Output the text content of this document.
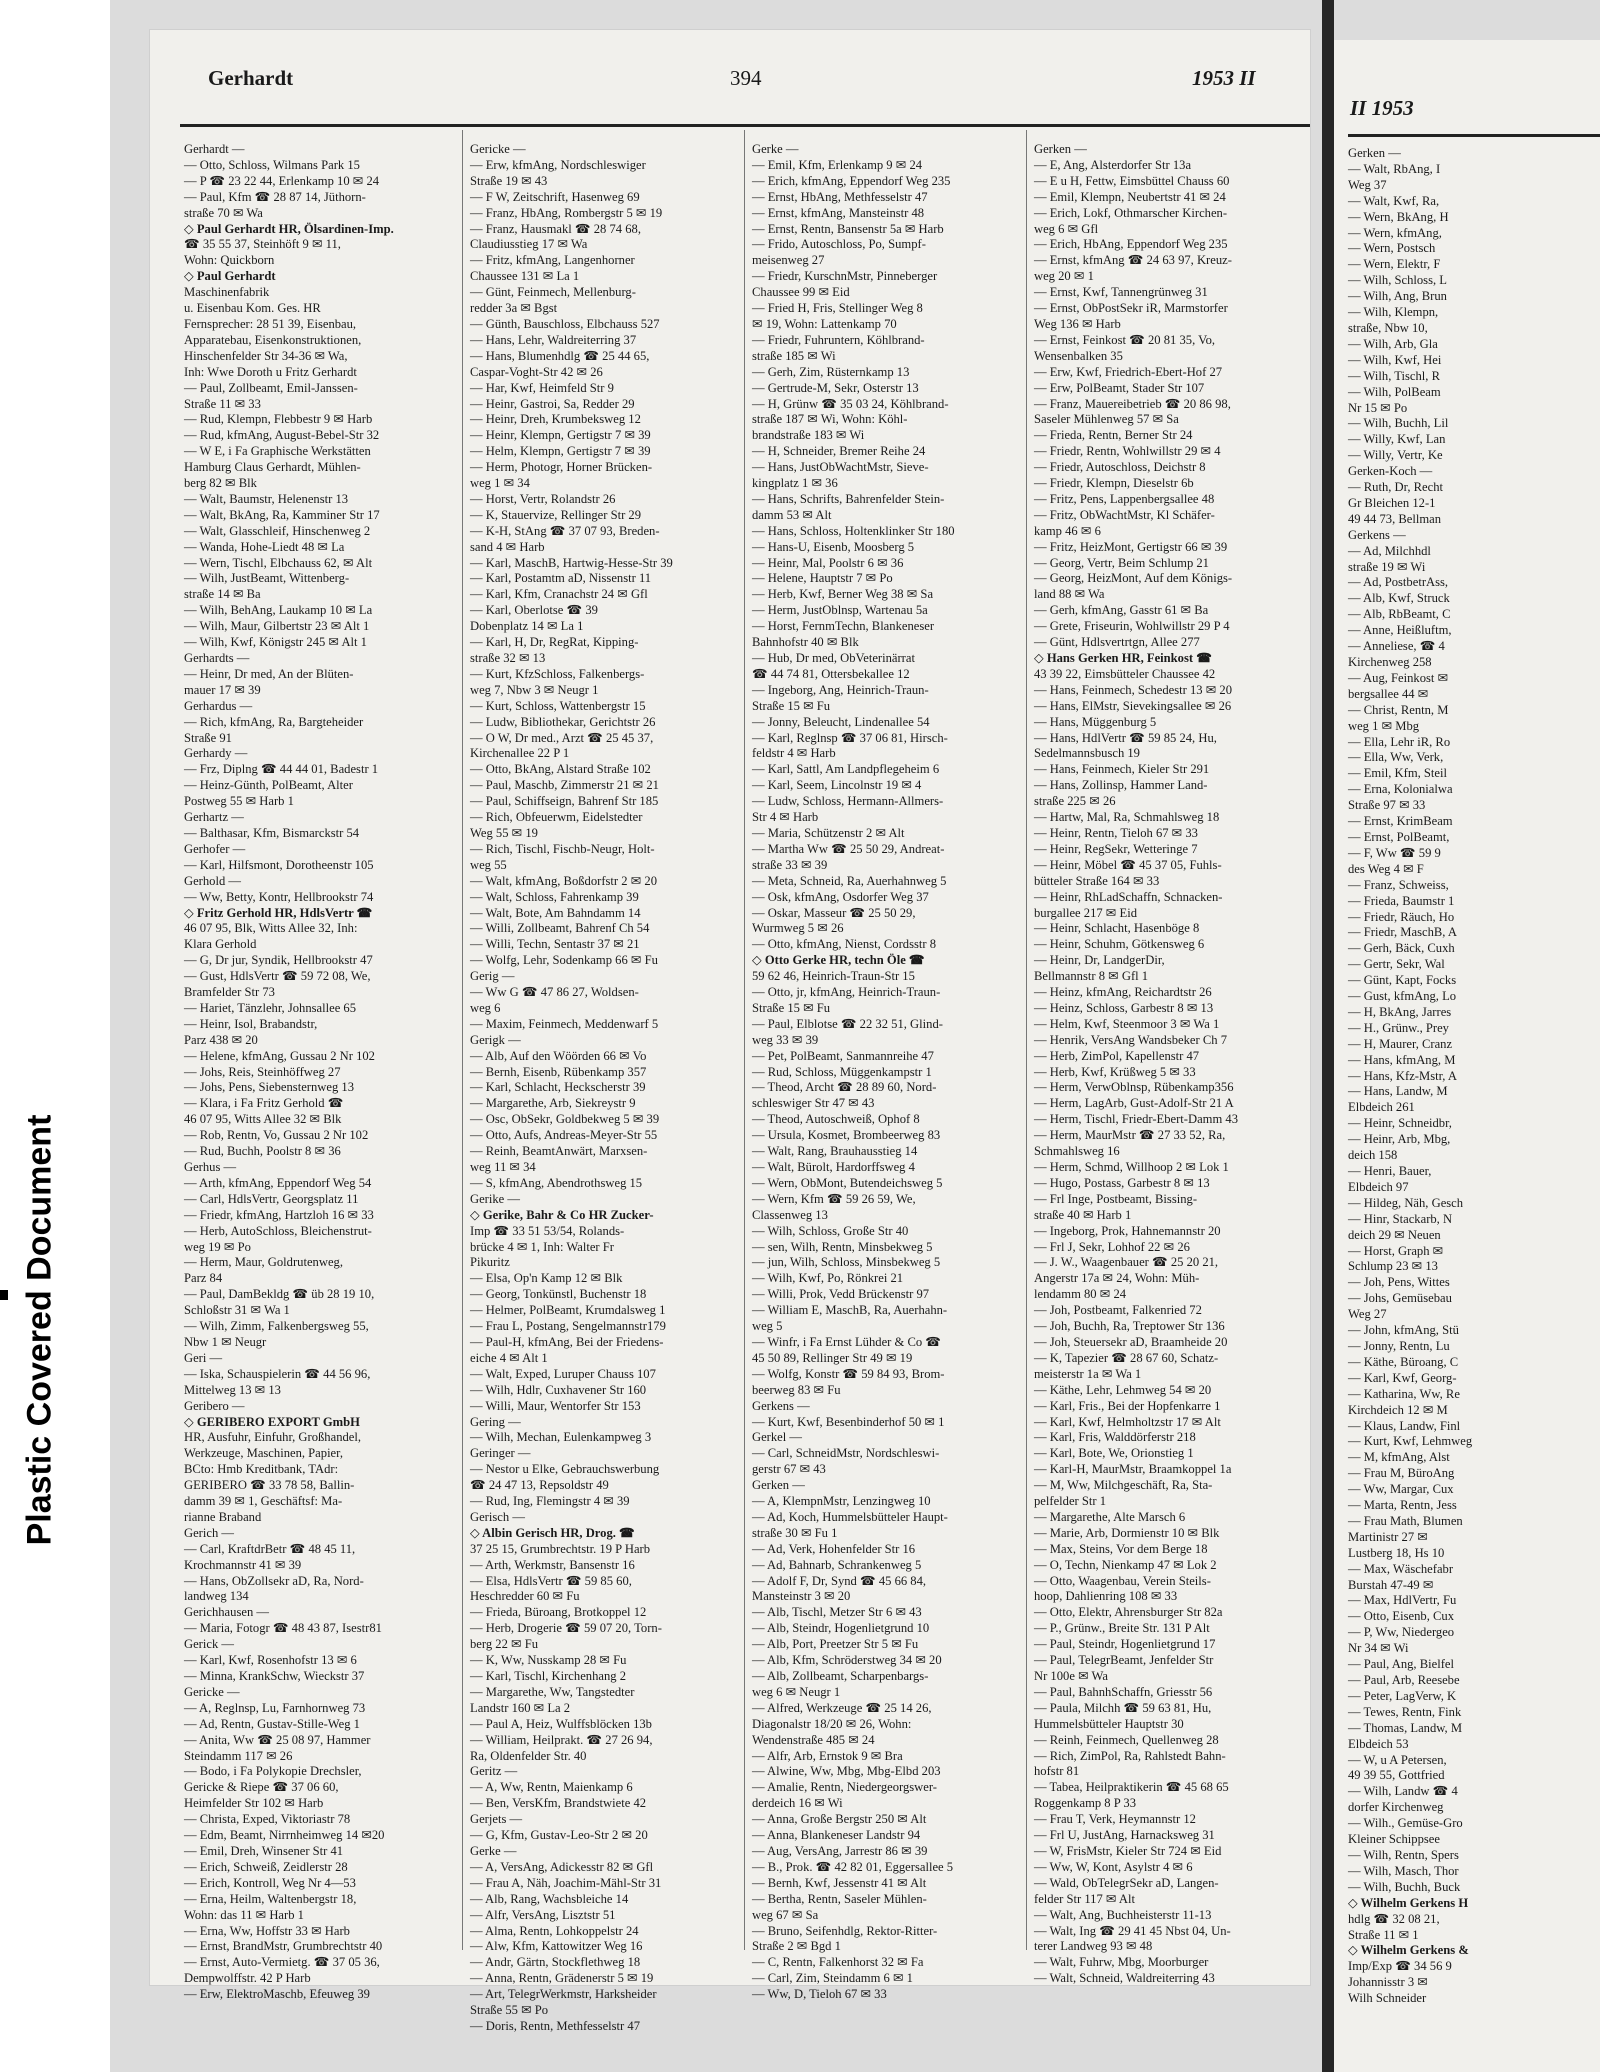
Plastic Covered Document
Gerhardt	394	1953 II
Gerhardt —
— Otto, Schloss, Wilmans Park 15
— P ☎ 23 22 44, Erlenkamp 10 ✉ 24
— Paul, Kfm ☎ 28 87 14, Jüthorn-
straße 70 ✉ Wa
◇ Paul Gerhardt HR, Ölsardinen-Imp.
☎ 35 55 37, Steinhöft 9 ✉ 11,
Wohn: Quickborn
◇ Paul Gerhardt
Maschinenfabrik
u. Eisenbau Kom. Ges. HR
Fernsprecher: 28 51 39, Eisenbau,
Apparatebau, Eisenkonstruktionen,
Hinschenfelder Str 34-36 ✉ Wa,
Inh: Wwe Doroth u Fritz Gerhardt
— Paul, Zollbeamt, Emil-Janssen-
Straße 11 ✉ 33
— Rud, Klempn, Flebbestr 9 ✉ Harb
— Rud, kfmAng, August-Bebel-Str 32
— W E, i Fa Graphische Werkstätten
Hamburg Claus Gerhardt, Mühlen-
berg 82 ✉ Blk
— Walt, Baumstr, Helenenstr 13
— Walt, BkAng, Ra, Kamminer Str 17
— Walt, Glasschleif, Hinschenweg 2
— Wanda, Hohe-Liedt 48 ✉ La
— Wern, Tischl, Elbchauss 62, ✉ Alt
— Wilh, JustBeamt, Wittenberg-
straße 14 ✉ Ba
— Wilh, BehAng, Laukamp 10 ✉ La
— Wilh, Maur, Gilbertstr 23 ✉ Alt 1
— Wilh, Kwf, Königstr 245 ✉ Alt 1
Gerhardts —
— Heinr, Dr med, An der Blüten-
mauer 17 ✉ 39
Gerhardus —
— Rich, kfmAng, Ra, Bargteheider
Straße 91
Gerhardy —
— Frz, Diplng ☎ 44 44 01, Badestr 1
— Heinz-Günth, PolBeamt, Alter
Postweg 55 ✉ Harb 1
Gerhartz —
— Balthasar, Kfm, Bismarckstr 54
Gerhofer —
— Karl, Hilfsmont, Dorotheenstr 105
Gerhold —
— Ww, Betty, Kontr, Hellbrookstr 74
◇ Fritz Gerhold HR, HdlsVertr ☎
46 07 95, Blk, Witts Allee 32, Inh:
Klara Gerhold
— G, Dr jur, Syndik, Hellbrookstr 47
— Gust, HdlsVertr ☎ 59 72 08, We,
Bramfelder Str 73
— Hariet, Tänzlehr, Johnsallee 65
— Heinr, Isol, Brabandstr,
Parz 438 ✉ 20
— Helene, kfmAng, Gussau 2 Nr 102
— Johs, Reis, Steinhöffweg 27
— Johs, Pens, Siebensternweg 13
— Klara, i Fa Fritz Gerhold ☎
46 07 95, Witts Allee 32 ✉ Blk
— Rob, Rentn, Vo, Gussau 2 Nr 102
— Rud, Buchh, Poolstr 8 ✉ 36
Gerhus —
— Arth, kfmAng, Eppendorf Weg 54
— Carl, HdlsVertr, Georgsplatz 11
— Friedr, kfmAng, Hartzloh 16 ✉ 33
— Herb, AutoSchloss, Bleichenstrut-
weg 19 ✉ Po
— Herm, Maur, Goldrutenweg,
Parz 84
— Paul, DamBekldg ☎ üb 28 19 10,
Schloßstr 31 ✉ Wa 1
— Wilh, Zimm, Falkenbergsweg 55,
Nbw 1 ✉ Neugr
Geri —
— Iska, Schauspielerin ☎ 44 56 96,
Mittelweg 13 ✉ 13
Geribero —
◇ GERIBERO EXPORT GmbH
HR, Ausfuhr, Einfuhr, Großhandel,
Werkzeuge, Maschinen, Papier,
BCto: Hmb Kreditbank, TAdr:
GERIBERO ☎ 33 78 58, Ballin-
damm 39 ✉ 1, Geschäftsf: Ma-
rianne Braband
Gerich —
— Carl, KraftdrBetr ☎ 48 45 11,
Krochmannstr 41 ✉ 39
— Hans, ObZollsekr aD, Ra, Nord-
landweg 134
Gerichhausen —
— Maria, Fotogr ☎ 48 43 87, Isestr81
Gerick —
— Karl, Kwf, Rosenhofstr 13 ✉ 6
— Minna, KrankSchw, Wieckstr 37
Gericke —
— A, Reglnsp, Lu, Farnhornweg 73
— Ad, Rentn, Gustav-Stille-Weg 1
— Anita, Ww ☎ 25 08 97, Hammer
Steindamm 117 ✉ 26
— Bodo, i Fa Polykopie Drechsler,
Gericke & Riepe ☎ 37 06 60,
Heimfelder Str 102 ✉ Harb
— Christa, Exped, Viktoriastr 78
— Edm, Beamt, Nirrnheimweg 14 ✉20
— Emil, Dreh, Winsener Str 41
— Erich, Schweiß, Zeidlerstr 28
— Erich, Kontroll, Weg Nr 4—53
— Erna, Heilm, Waltenbergstr 18,
Wohn: das 11 ✉ Harb 1
— Erna, Ww, Hoffstr 33 ✉ Harb
— Ernst, BrandMstr, Grumbrechtstr 40
— Ernst, Auto-Vermietg. ☎ 37 05 36,
Dempwolffstr. 42 P Harb
— Erw, ElektroMaschb, Efeuweg 39
Gericke —
— Erw, kfmAng, Nordschleswiger
Straße 19 ✉ 43
— F W, Zeitschrift, Hasenweg 69
— Franz, HbAng, Rombergstr 5 ✉ 19
— Franz, Hausmakl ☎ 28 74 68,
Claudiusstieg 17 ✉ Wa
— Fritz, kfmAng, Langenhorner
Chaussee 131 ✉ La 1
— Günt, Feinmech, Mellenburg-
redder 3a ✉ Bgst
— Günth, Bauschloss, Elbchauss 527
— Hans, Lehr, Waldreiterring 37
— Hans, Blumenhdlg ☎ 25 44 65,
Caspar-Voght-Str 42 ✉ 26
— Har, Kwf, Heimfeld Str 9
— Heinr, Gastroi, Sa, Redder 29
— Heinr, Dreh, Krumbeksweg 12
— Heinr, Klempn, Gertigstr 7 ✉ 39
— Helm, Klempn, Gertigstr 7 ✉ 39
— Herm, Photogr, Horner Brücken-
weg 1 ✉ 34
— Horst, Vertr, Rolandstr 26
— K, Stauervize, Rellinger Str 29
— K-H, StAng ☎ 37 07 93, Breden-
sand 4 ✉ Harb
— Karl, MaschB, Hartwig-Hesse-Str 39
— Karl, Postamtm aD, Nissenstr 11
— Karl, Kfm, Cranachstr 24 ✉ Gfl
— Karl, Oberlotse ☎ 39
Dobenplatz 14 ✉ La 1
— Karl, H, Dr, RegRat, Kipping-
straße 32 ✉ 13
— Kurt, KfzSchloss, Falkenbergs-
weg 7, Nbw 3 ✉ Neugr 1
— Kurt, Schloss, Wattenbergstr 15
— Ludw, Bibliothekar, Gerichtstr 26
— O W, Dr med., Arzt ☎ 25 45 37,
Kirchenallee 22 P 1
— Otto, BkAng, Alstard Straße 102
— Paul, Maschb, Zimmerstr 21 ✉ 21
— Paul, Schiffseign, Bahrenf Str 185
— Rich, Obfeuerwm, Eidelstedter
Weg 55 ✉ 19
— Rich, Tischl, Fischb-Neugr, Holt-
weg 55
— Walt, kfmAng, Boßdorfstr 2 ✉ 20
— Walt, Schloss, Fahrenkamp 39
— Walt, Bote, Am Bahndamm 14
— Willi, Zollbeamt, Bahrenf Ch 54
— Willi, Techn, Sentastr 37 ✉ 21
— Wolfg, Lehr, Sodenkamp 66 ✉ Fu
Gerig —
— Ww G ☎ 47 86 27, Woldsen-
weg 6
— Maxim, Feinmech, Meddenwarf 5
Gerigk —
— Alb, Auf den Wöörden 66 ✉ Vo
— Bernh, Eisenb, Rübenkamp 357
— Karl, Schlacht, Heckscherstr 39
— Margarethe, Arb, Siekreystr 9
— Osc, ObSekr, Goldbekweg 5 ✉ 39
— Otto, Aufs, Andreas-Meyer-Str 55
— Reinh, BeamtAnwärt, Marxsen-
weg 11 ✉ 34
— S, kfmAng, Abendrothsweg 15
Gerike —
◇ Gerike, Bahr & Co HR Zucker-
Imp ☎ 33 51 53/54, Rolands-
brücke 4 ✉ 1, Inh: Walter Fr
Pikuritz
— Elsa, Op'n Kamp 12 ✉ Blk
— Georg, Tonkünstl, Buchenstr 18
— Helmer, PolBeamt, Krumdalsweg 1
— Frau L, Postang, Sengelmannstr179
— Paul-H, kfmAng, Bei der Friedens-
eiche 4 ✉ Alt 1
— Walt, Exped, Luruper Chauss 107
— Wilh, Hdlr, Cuxhavener Str 160
— Willi, Maur, Wentorfer Str 153
Gering —
— Wilh, Mechan, Eulenkampweg 3
Geringer —
— Nestor u Elke, Gebrauchswerbung
☎ 24 47 13, Repsoldstr 49
— Rud, Ing, Flemingstr 4 ✉ 39
Gerisch —
◇ Albin Gerisch HR, Drog. ☎
37 25 15, Grumbrechtstr. 19 P Harb
— Arth, Werkmstr, Bansenstr 16
— Elsa, HdlsVertr ☎ 59 85 60,
Heschredder 60 ✉ Fu
— Frieda, Büroang, Brotkoppel 12
— Herb, Drogerie ☎ 59 07 20, Torn-
berg 22 ✉ Fu
— K, Ww, Nusskamp 28 ✉ Fu
— Karl, Tischl, Kirchenhang 2
— Margarethe, Ww, Tangstedter
Landstr 160 ✉ La 2
— Paul A, Heiz, Wulffsblöcken 13b
— William, Heilprakt. ☎ 27 26 94,
Ra, Oldenfelder Str. 40
Geritz —
— A, Ww, Rentn, Maienkamp 6
— Ben, VersKfm, Brandstwiete 42
Gerjets —
— G, Kfm, Gustav-Leo-Str 2 ✉ 20
Gerke —
— A, VersAng, Adickesstr 82 ✉ Gfl
— Frau A, Näh, Joachim-Mähl-Str 31
— Alb, Rang, Wachsbleiche 14
— Alfr, VersAng, Lisztstr 51
— Alma, Rentn, Lohkoppelstr 24
— Alw, Kfm, Kattowitzer Weg 16
— Andr, Gärtn, Stockflethweg 18
— Anna, Rentn, Grädenerstr 5 ✉ 19
— Art, TelegrWerkmstr, Harksheider
Straße 55 ✉ Po
— Doris, Rentn, Methfesselstr 47
Gerke —
— Emil, Kfm, Erlenkamp 9 ✉ 24
— Erich, kfmAng, Eppendorf Weg 235
— Ernst, HbAng, Methfesselstr 47
— Ernst, kfmAng, Mansteinstr 48
— Ernst, Rentn, Bansenstr 5a ✉ Harb
— Frido, Autoschloss, Po, Sumpf-
meisenweg 27
— Friedr, KurschnMstr, Pinneberger
Chaussee 99 ✉ Eid
— Fried H, Fris, Stellinger Weg 8
✉ 19, Wohn: Lattenkamp 70
— Friedr, Fuhruntern, Köhlbrand-
straße 185 ✉ Wi
— Gerh, Zim, Rüsternkamp 13
— Gertrude-M, Sekr, Osterstr 13
— H, Grünw ☎ 35 03 24, Köhlbrand-
straße 187 ✉ Wi, Wohn: Köhl-
brandstraße 183 ✉ Wi
— H, Schneider, Bremer Reihe 24
— Hans, JustObWachtMstr, Sieve-
kingplatz 1 ✉ 36
— Hans, Schrifts, Bahrenfelder Stein-
damm 53 ✉ Alt
— Hans, Schloss, Holtenklinker Str 180
— Hans-U, Eisenb, Moosberg 5
— Heinr, Mal, Poolstr 6 ✉ 36
— Helene, Hauptstr 7 ✉ Po
— Herb, Kwf, Berner Weg 38 ✉ Sa
— Herm, JustOblnsp, Wartenau 5a
— Horst, FernmTechn, Blankeneser
Bahnhofstr 40 ✉ Blk
— Hub, Dr med, ObVeterinärrat
☎ 44 74 81, Ottersbekallee 12
— Ingeborg, Ang, Heinrich-Traun-
Straße 15 ✉ Fu
— Jonny, Beleucht, Lindenallee 54
— Karl, Reglnsp ☎ 37 06 81, Hirsch-
feldstr 4 ✉ Harb
— Karl, Sattl, Am Landpflegeheim 6
— Karl, Seem, Lincolnstr 19 ✉ 4
— Ludw, Schloss, Hermann-Allmers-
Str 4 ✉ Harb
— Maria, Schützenstr 2 ✉ Alt
— Martha Ww ☎ 25 50 29, Andreat-
straße 33 ✉ 39
— Meta, Schneid, Ra, Auerhahnweg 5
— Osk, kfmAng, Osdorfer Weg 37
— Oskar, Masseur ☎ 25 50 29,
Wurmweg 5 ✉ 26
— Otto, kfmAng, Nienst, Cordsstr 8
◇ Otto Gerke HR, techn Öle ☎
59 62 46, Heinrich-Traun-Str 15
— Otto, jr, kfmAng, Heinrich-Traun-
Straße 15 ✉ Fu
— Paul, Elblotse ☎ 22 32 51, Glind-
weg 33 ✉ 39
— Pet, PolBeamt, Sanmannreihe 47
— Rud, Schloss, Müggenkampstr 1
— Theod, Archt ☎ 28 89 60, Nord-
schleswiger Str 47 ✉ 43
— Theod, Autoschweiß, Ophof 8
— Ursula, Kosmet, Brombeerweg 83
— Walt, Rang, Brauhausstieg 14
— Walt, Bürolt, Hardorffsweg 4
— Wern, ObMont, Butendeichsweg 5
— Wern, Kfm ☎ 59 26 59, We,
Classenweg 13
— Wilh, Schloss, Große Str 40
— sen, Wilh, Rentn, Minsbekweg 5
— jun, Wilh, Schloss, Minsbekweg 5
— Wilh, Kwf, Po, Rönkrei 21
— Willi, Prok, Vedd Brückenstr 97
— William E, MaschB, Ra, Auerhahn-
weg 5
— Winfr, i Fa Ernst Lühder & Co ☎
45 50 89, Rellinger Str 49 ✉ 19
— Wolfg, Konstr ☎ 59 84 93, Brom-
beerweg 83 ✉ Fu
Gerkens —
— Kurt, Kwf, Besenbinderhof 50 ✉ 1
Gerkel —
— Carl, SchneidMstr, Nordschleswi-
gerstr 67 ✉ 43
Gerken —
— A, KlempnMstr, Lenzingweg 10
— Ad, Koch, Hummelsbütteler Haupt-
straße 30 ✉ Fu 1
— Ad, Verk, Hohenfelder Str 16
— Ad, Bahnarb, Schrankenweg 5
— Adolf F, Dr, Synd ☎ 45 66 84,
Mansteinstr 3 ✉ 20
— Alb, Tischl, Metzer Str 6 ✉ 43
— Alb, Steindr, Hogenlietgrund 10
— Alb, Port, Preetzer Str 5 ✉ Fu
— Alb, Kfm, Schröderstweg 34 ✉ 20
— Alb, Zollbeamt, Scharpenbargs-
weg 6 ✉ Neugr 1
— Alfred, Werkzeuge ☎ 25 14 26,
Diagonalstr 18/20 ✉ 26, Wohn:
Wendenstraße 485 ✉ 24
— Alfr, Arb, Ernstok 9 ✉ Bra
— Alwine, Ww, Mbg, Mbg-Elbd 203
— Amalie, Rentn, Niedergeorgswer-
derdeich 16 ✉ Wi
— Anna, Große Bergstr 250 ✉ Alt
— Anna, Blankeneser Landstr 94
— Aug, VersAng, Jarrestr 86 ✉ 39
— B., Prok. ☎ 42 82 01, Eggersallee 5
— Bernh, Kwf, Jessenstr 41 ✉ Alt
— Bertha, Rentn, Saseler Mühlen-
weg 67 ✉ Sa
— Bruno, Seifenhdlg, Rektor-Ritter-
Straße 2 ✉ Bgd 1
— C, Rentn, Falkenhorst 32 ✉ Fa
— Carl, Zim, Steindamm 6 ✉ 1
— Ww, D, Tieloh 67 ✉ 33
Gerken —
— E, Ang, Alsterdorfer Str 13a
— E u H, Fettw, Eimsbüttel Chauss 60
— Emil, Klempn, Neubertstr 41 ✉ 24
— Erich, Lokf, Othmarscher Kirchen-
weg 6 ✉ Gfl
— Erich, HbAng, Eppendorf Weg 235
— Ernst, kfmAng ☎ 24 63 97, Kreuz-
weg 20 ✉ 1
— Ernst, Kwf, Tannengrünweg 31
— Ernst, ObPostSekr iR, Marmstorfer
Weg 136 ✉ Harb
— Ernst, Feinkost ☎ 20 81 35, Vo,
Wensenbalken 35
— Erw, Kwf, Friedrich-Ebert-Hof 27
— Erw, PolBeamt, Stader Str 107
— Franz, Mauereibetrieb ☎ 20 86 98,
Saseler Mühlenweg 57 ✉ Sa
— Frieda, Rentn, Berner Str 24
— Friedr, Rentn, Wohlwillstr 29 ✉ 4
— Friedr, Autoschloss, Deichstr 8
— Friedr, Klempn, Dieselstr 6b
— Fritz, Pens, Lappenbergsallee 48
— Fritz, ObWachtMstr, Kl Schäfer-
kamp 46 ✉ 6
— Fritz, HeizMont, Gertigstr 66 ✉ 39
— Georg, Vertr, Beim Schlump 21
— Georg, HeizMont, Auf dem Königs-
land 88 ✉ Wa
— Gerh, kfmAng, Gasstr 61 ✉ Ba
— Grete, Friseurin, Wohlwillstr 29 P 4
— Günt, Hdlsvertrtgn, Allee 277
◇ Hans Gerken HR, Feinkost ☎
43 39 22, Eimsbütteler Chaussee 42
— Hans, Feinmech, Schedestr 13 ✉ 20
— Hans, ElMstr, Sievekingsallee ✉ 26
— Hans, Müggenburg 5
— Hans, HdlVertr ☎ 59 85 24, Hu,
Sedelmannsbusch 19
— Hans, Feinmech, Kieler Str 291
— Hans, Zollinsp, Hammer Land-
straße 225 ✉ 26
— Hartw, Mal, Ra, Schmahlsweg 18
— Heinr, Rentn, Tieloh 67 ✉ 33
— Heinr, RegSekr, Wetteringe 7
— Heinr, Möbel ☎ 45 37 05, Fuhls-
bütteler Straße 164 ✉ 33
— Heinr, RhLadSchaffn, Schnacken-
burgallee 217 ✉ Eid
— Heinr, Schlacht, Hasenböge 8
— Heinr, Schuhm, Götkensweg 6
— Heinr, Dr, LandgerDir,
Bellmannstr 8 ✉ Gfl 1
— Heinz, kfmAng, Reichardtstr 26
— Heinz, Schloss, Garbestr 8 ✉ 13
— Helm, Kwf, Steenmoor 3 ✉ Wa 1
— Henrik, VersAng Wandsbeker Ch 7
— Herb, ZimPol, Kapellenstr 47
— Herb, Kwf, Krüßweg 5 ✉ 33
— Herm, VerwOblnsp, Rübenkamp356
— Herm, LagArb, Gust-Adolf-Str 21 A
— Herm, Tischl, Friedr-Ebert-Damm 43
— Herm, MaurMstr ☎ 27 33 52, Ra,
Schmahlsweg 16
— Herm, Schmd, Willhoop 2 ✉ Lok 1
— Hugo, Postass, Garbestr 8 ✉ 13
— Frl Inge, Postbeamt, Bissing-
straße 40 ✉ Harb 1
— Ingeborg, Prok, Hahnemannstr 20
— Frl J, Sekr, Lohhof 22 ✉ 26
— J. W., Waagenbauer ☎ 25 20 21,
Angerstr 17a ✉ 24, Wohn: Müh-
lendamm 80 ✉ 24
— Joh, Postbeamt, Falkenried 72
— Joh, Buchh, Ra, Treptower Str 136
— Joh, Steuersekr aD, Braamheide 20
— K, Tapezier ☎ 28 67 60, Schatz-
meisterstr 1a ✉ Wa 1
— Käthe, Lehr, Lehmweg 54 ✉ 20
— Karl, Fris., Bei der Hopfenkarre 1
— Karl, Kwf, Helmholtzstr 17 ✉ Alt
— Karl, Fris, Walddörferstr 218
— Karl, Bote, We, Orionstieg 1
— Karl-H, MaurMstr, Braamkoppel 1a
— M, Ww, Milchgeschäft, Ra, Sta-
pelfelder Str 1
— Margarethe, Alte Marsch 6
— Marie, Arb, Dormienstr 10 ✉ Blk
— Max, Steins, Vor dem Berge 18
— O, Techn, Nienkamp 47 ✉ Lok 2
— Otto, Waagenbau, Verein Steils-
hoop, Dahlienring 108 ✉ 33
— Otto, Elektr, Ahrensburger Str 82a
— P., Grünw., Breite Str. 131 P Alt
— Paul, Steindr, Hogenlietgrund 17
— Paul, TelegrBeamt, Jenfelder Str
Nr 100e ✉ Wa
— Paul, BahnhSchaffn, Griesstr 56
— Paula, Milchh ☎ 59 63 81, Hu,
Hummelsbütteler Hauptstr 30
— Reinh, Feinmech, Quellenweg 28
— Rich, ZimPol, Ra, Rahlstedt Bahn-
hofstr 81
— Tabea, Heilpraktikerin ☎ 45 68 65
Roggenkamp 8 P 33
— Frau T, Verk, Heymannstr 12
— Frl U, JustAng, Harnacksweg 31
— W, FrisMstr, Kieler Str 724 ✉ Eid
— Ww, W, Kont, Asylstr 4 ✉ 6
— Wald, ObTelegrSekr aD, Langen-
felder Str 117 ✉ Alt
— Walt, Ang, Buchheisterstr 11-13
— Walt, Ing ☎ 29 41 45 Nbst 04, Un-
terer Landweg 93 ✉ 48
— Walt, Fuhrw, Mbg, Moorburger
— Walt, Schneid, Waldreiterring 43
II 1953
Gerken —
— Walt, RbAng, I
Weg 37
— Walt, Kwf, Ra,
— Wern, BkAng, H
— Wern, kfmAng,
— Wern, Postsch
— Wern, Elektr, F
— Wilh, Schloss, L
— Wilh, Ang, Brun
— Wilh, Klempn,
straße, Nbw 10,
— Wilh, Arb, Gla
— Wilh, Kwf, Hei
— Wilh, Tischl, R
— Wilh, PolBeam
Nr 15 ✉ Po
— Wilh, Buchh, Lil
— Willy, Kwf, Lan
— Willy, Vertr, Ke
Gerken-Koch —
— Ruth, Dr, Recht
Gr Bleichen 12-1
49 44 73, Bellman
Gerkens —
— Ad, Milchhdl
straße 19 ✉ Wi
— Ad, PostbetrAss,
— Alb, Kwf, Struck
— Alb, RbBeamt, C
— Anne, Heißluftm,
— Anneliese, ☎ 4
Kirchenweg 258
— Aug, Feinkost ✉
bergsallee 44 ✉
— Christ, Rentn, M
weg 1 ✉ Mbg
— Ella, Lehr iR, Ro
— Ella, Ww, Verk,
— Emil, Kfm, Steil
— Erna, Kolonialwa
Straße 97 ✉ 33
— Ernst, KrimBeam
— Ernst, PolBeamt,
— F, Ww ☎ 59 9
des Weg 4 ✉ F
— Franz, Schweiss,
— Frieda, Baumstr 1
— Friedr, Räuch, Ho
— Friedr, MaschB, A
— Gerh, Bäck, Cuxh
— Gertr, Sekr, Wal
— Günt, Kapt, Focks
— Gust, kfmAng, Lo
— H, BkAng, Jarres
— H., Grünw., Prey
— H, Maurer, Cranz
— Hans, kfmAng, M
— Hans, Kfz-Mstr, A
— Hans, Landw, M
Elbdeich 261
— Heinr, Schneidbr,
— Heinr, Arb, Mbg,
deich 158
— Henri, Bauer,
Elbdeich 97
— Hildeg, Näh, Gesch
— Hinr, Stackarb, N
deich 29 ✉ Neuen
— Horst, Graph ✉
Schlump 23 ✉ 13
— Joh, Pens, Wittes
— Johs, Gemüsebau
Weg 27
— John, kfmAng, Stü
— Jonny, Rentn, Lu
— Käthe, Büroang, C
— Karl, Kwf, Georg-
— Katharina, Ww, Re
Kirchdeich 12 ✉ M
— Klaus, Landw, Finl
— Kurt, Kwf, Lehmweg
— M, kfmAng, Alst
— Frau M, BüroAng
— Ww, Margar, Cux
— Marta, Rentn, Jess
— Frau Math, Blumen
Martinistr 27 ✉
Lustberg 18, Hs 10
— Max, Wäschefabr
Burstah 47-49 ✉
— Max, HdlVertr, Fu
— Otto, Eisenb, Cux
— P, Ww, Niedergeo
Nr 34 ✉ Wi
— Paul, Ang, Bielfel
— Paul, Arb, Reesebe
— Peter, LagVerw, K
— Tewes, Rentn, Fink
— Thomas, Landw, M
Elbdeich 53
— W, u A Petersen,
49 39 55, Gottfried
— Wilh, Landw ☎ 4
dorfer Kirchenweg
— Wilh., Gemüse-Gro
Kleiner Schippsee
— Wilh, Rentn, Spers
— Wilh, Masch, Thor
— Wilh, Buchh, Buck
◇ Wilhelm Gerkens H
hdlg ☎ 32 08 21,
Straße 11 ✉ 1
◇ Wilhelm Gerkens &
Imp/Exp ☎ 34 56 9
Johannisstr 3 ✉
Wilh Schneider
